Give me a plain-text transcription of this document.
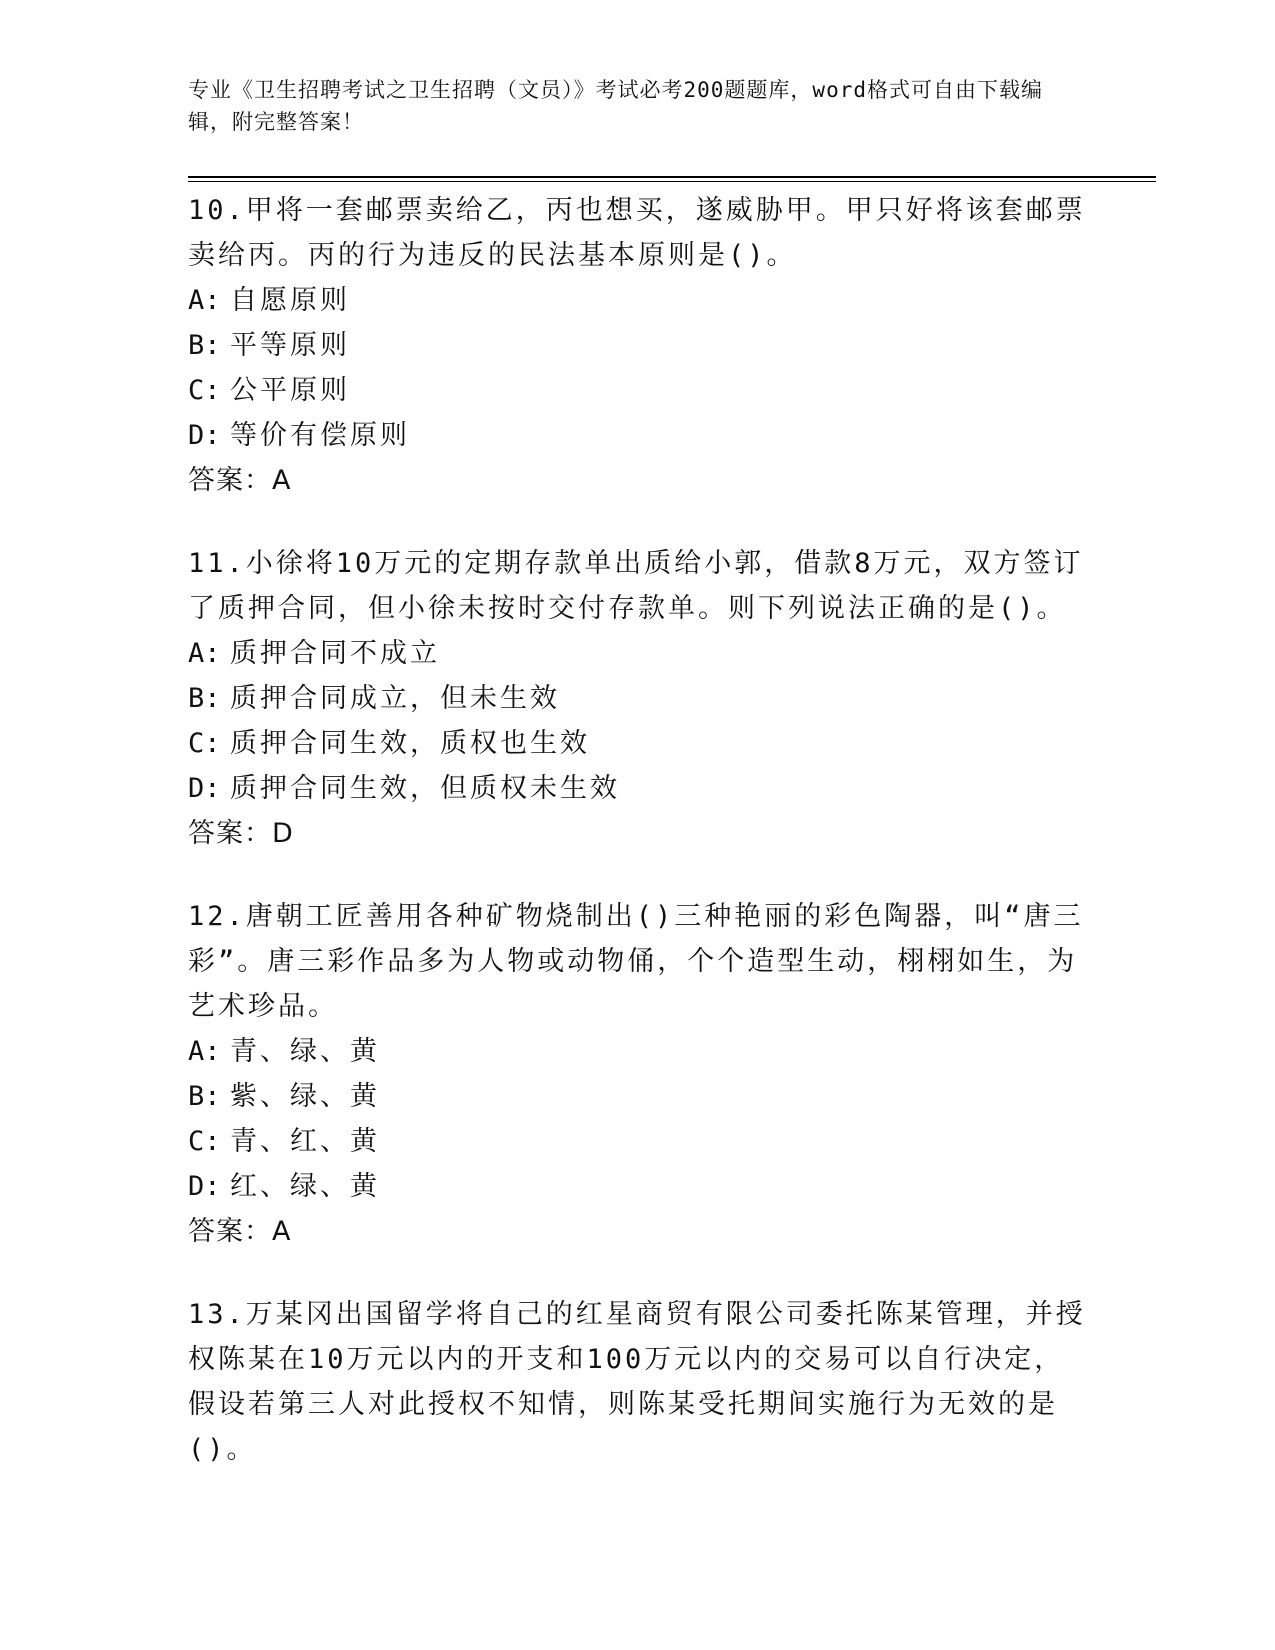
专业《卫生招聘考试之卫生招聘（文员）》考试必考200题题库，word格式可自由下载编辑，附完整答案！

10.甲将一套邮票卖给乙，丙也想买，遂威胁甲。甲只好将该套邮票卖给丙。丙的行为违反的民法基本原则是()。

A: 自愿原则

B: 平等原则

C: 公平原则

D: 等价有偿原则

答案：A

11.小徐将10万元的定期存款单出质给小郭，借款8万元，双方签订了质押合同，但小徐未按时交付存款单。则下列说法正确的是()。

A: 质押合同不成立

B: 质押合同成立，但未生效

C: 质押合同生效，质权也生效

D: 质押合同生效，但质权未生效

答案：D

12.唐朝工匠善用各种矿物烧制出()三种艳丽的彩色陶器，叫“唐三彩”。唐三彩作品多为人物或动物俑，个个造型生动，栩栩如生，为艺术珍品。

A: 青、绿、黄

B: 紫、绿、黄

C: 青、红、黄

D: 红、绿、黄

答案：A

13.万某冈出国留学将自己的红星商贸有限公司委托陈某管理，并授权陈某在10万元以内的开支和100万元以内的交易可以自行决定，假设若第三人对此授权不知情，则陈某受托期间实施行为无效的是()。
